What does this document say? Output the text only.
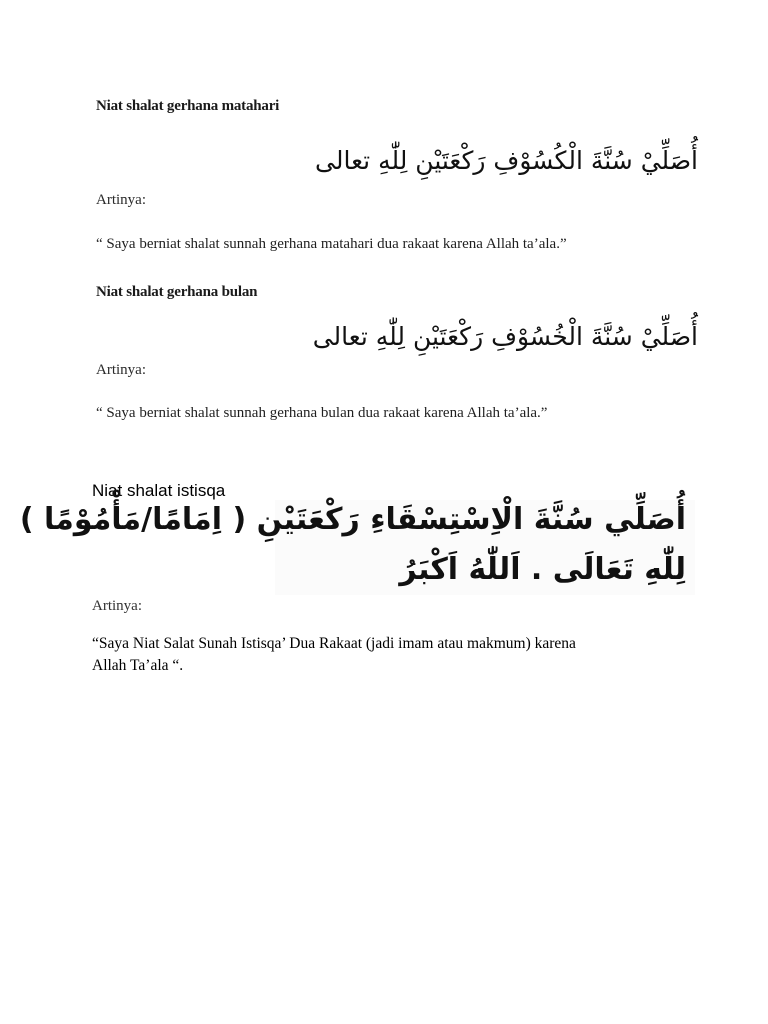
Niat shalat gerhana matahari
أُصَلِّيْ سُنَّةَ الْكُسُوْفِ رَكْعَتَيْنِ لِلّٰهِ تعالى
Artinya:
“ Saya berniat shalat sunnah gerhana matahari dua rakaat karena Allah ta’ala.”
Niat shalat gerhana bulan
أُصَلِّيْ سُنَّةَ الْخُسُوْفِ رَكْعَتَيْنِ لِلّٰهِ تعالى
Artinya:
“ Saya berniat shalat sunnah gerhana bulan dua rakaat karena Allah ta’ala.”
Niat shalat istisqa
أُصَلِّي سُنَّةَ الْاِسْتِسْقَاءِ رَكْعَتَيْنِ ( اِمَامًا/مَأْمُوْمًا )
لِلّٰهِ تَعَالَى . اَللّٰهُ اَكْبَرُ
Artinya:
“Saya Niat Salat Sunah Istisqa’ Dua Rakaat (jadi imam atau makmum) karena
Allah Ta’ala “.
